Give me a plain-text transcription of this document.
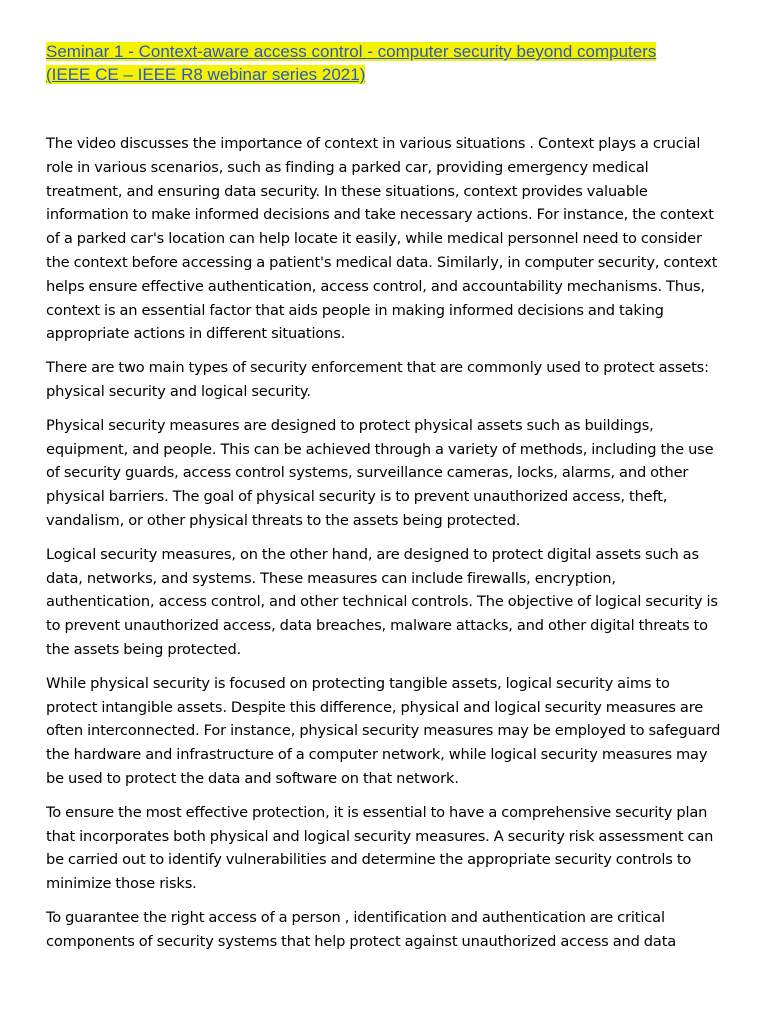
Seminar 1 - Context-aware access control - computer security beyond computers (IEEE CE – IEEE R8 webinar series 2021)

The video discusses the importance of context in various situations . Context plays a crucial role in various scenarios, such as finding a parked car, providing emergency medical treatment, and ensuring data security. In these situations, context provides valuable information to make informed decisions and take necessary actions. For instance, the context of a parked car's location can help locate it easily, while medical personnel need to consider the context before accessing a patient's medical data. Similarly, in computer security, context helps ensure effective authentication, access control, and accountability mechanisms. Thus, context is an essential factor that aids people in making informed decisions and taking appropriate actions in different situations.

There are two main types of security enforcement that are commonly used to protect assets: physical security and logical security.

Physical security measures are designed to protect physical assets such as buildings, equipment, and people. This can be achieved through a variety of methods, including the use of security guards, access control systems, surveillance cameras, locks, alarms, and other physical barriers. The goal of physical security is to prevent unauthorized access, theft, vandalism, or other physical threats to the assets being protected.

Logical security measures, on the other hand, are designed to protect digital assets such as data, networks, and systems. These measures can include firewalls, encryption, authentication, access control, and other technical controls. The objective of logical security is to prevent unauthorized access, data breaches, malware attacks, and other digital threats to the assets being protected.

While physical security is focused on protecting tangible assets, logical security aims to protect intangible assets. Despite this difference, physical and logical security measures are often interconnected. For instance, physical security measures may be employed to safeguard the hardware and infrastructure of a computer network, while logical security measures may be used to protect the data and software on that network.

To ensure the most effective protection, it is essential to have a comprehensive security plan that incorporates both physical and logical security measures. A security risk assessment can be carried out to identify vulnerabilities and determine the appropriate security controls to minimize those risks.

To guarantee the right access of a person , identification and authentication are critical components of security systems that help protect against unauthorized access and data
